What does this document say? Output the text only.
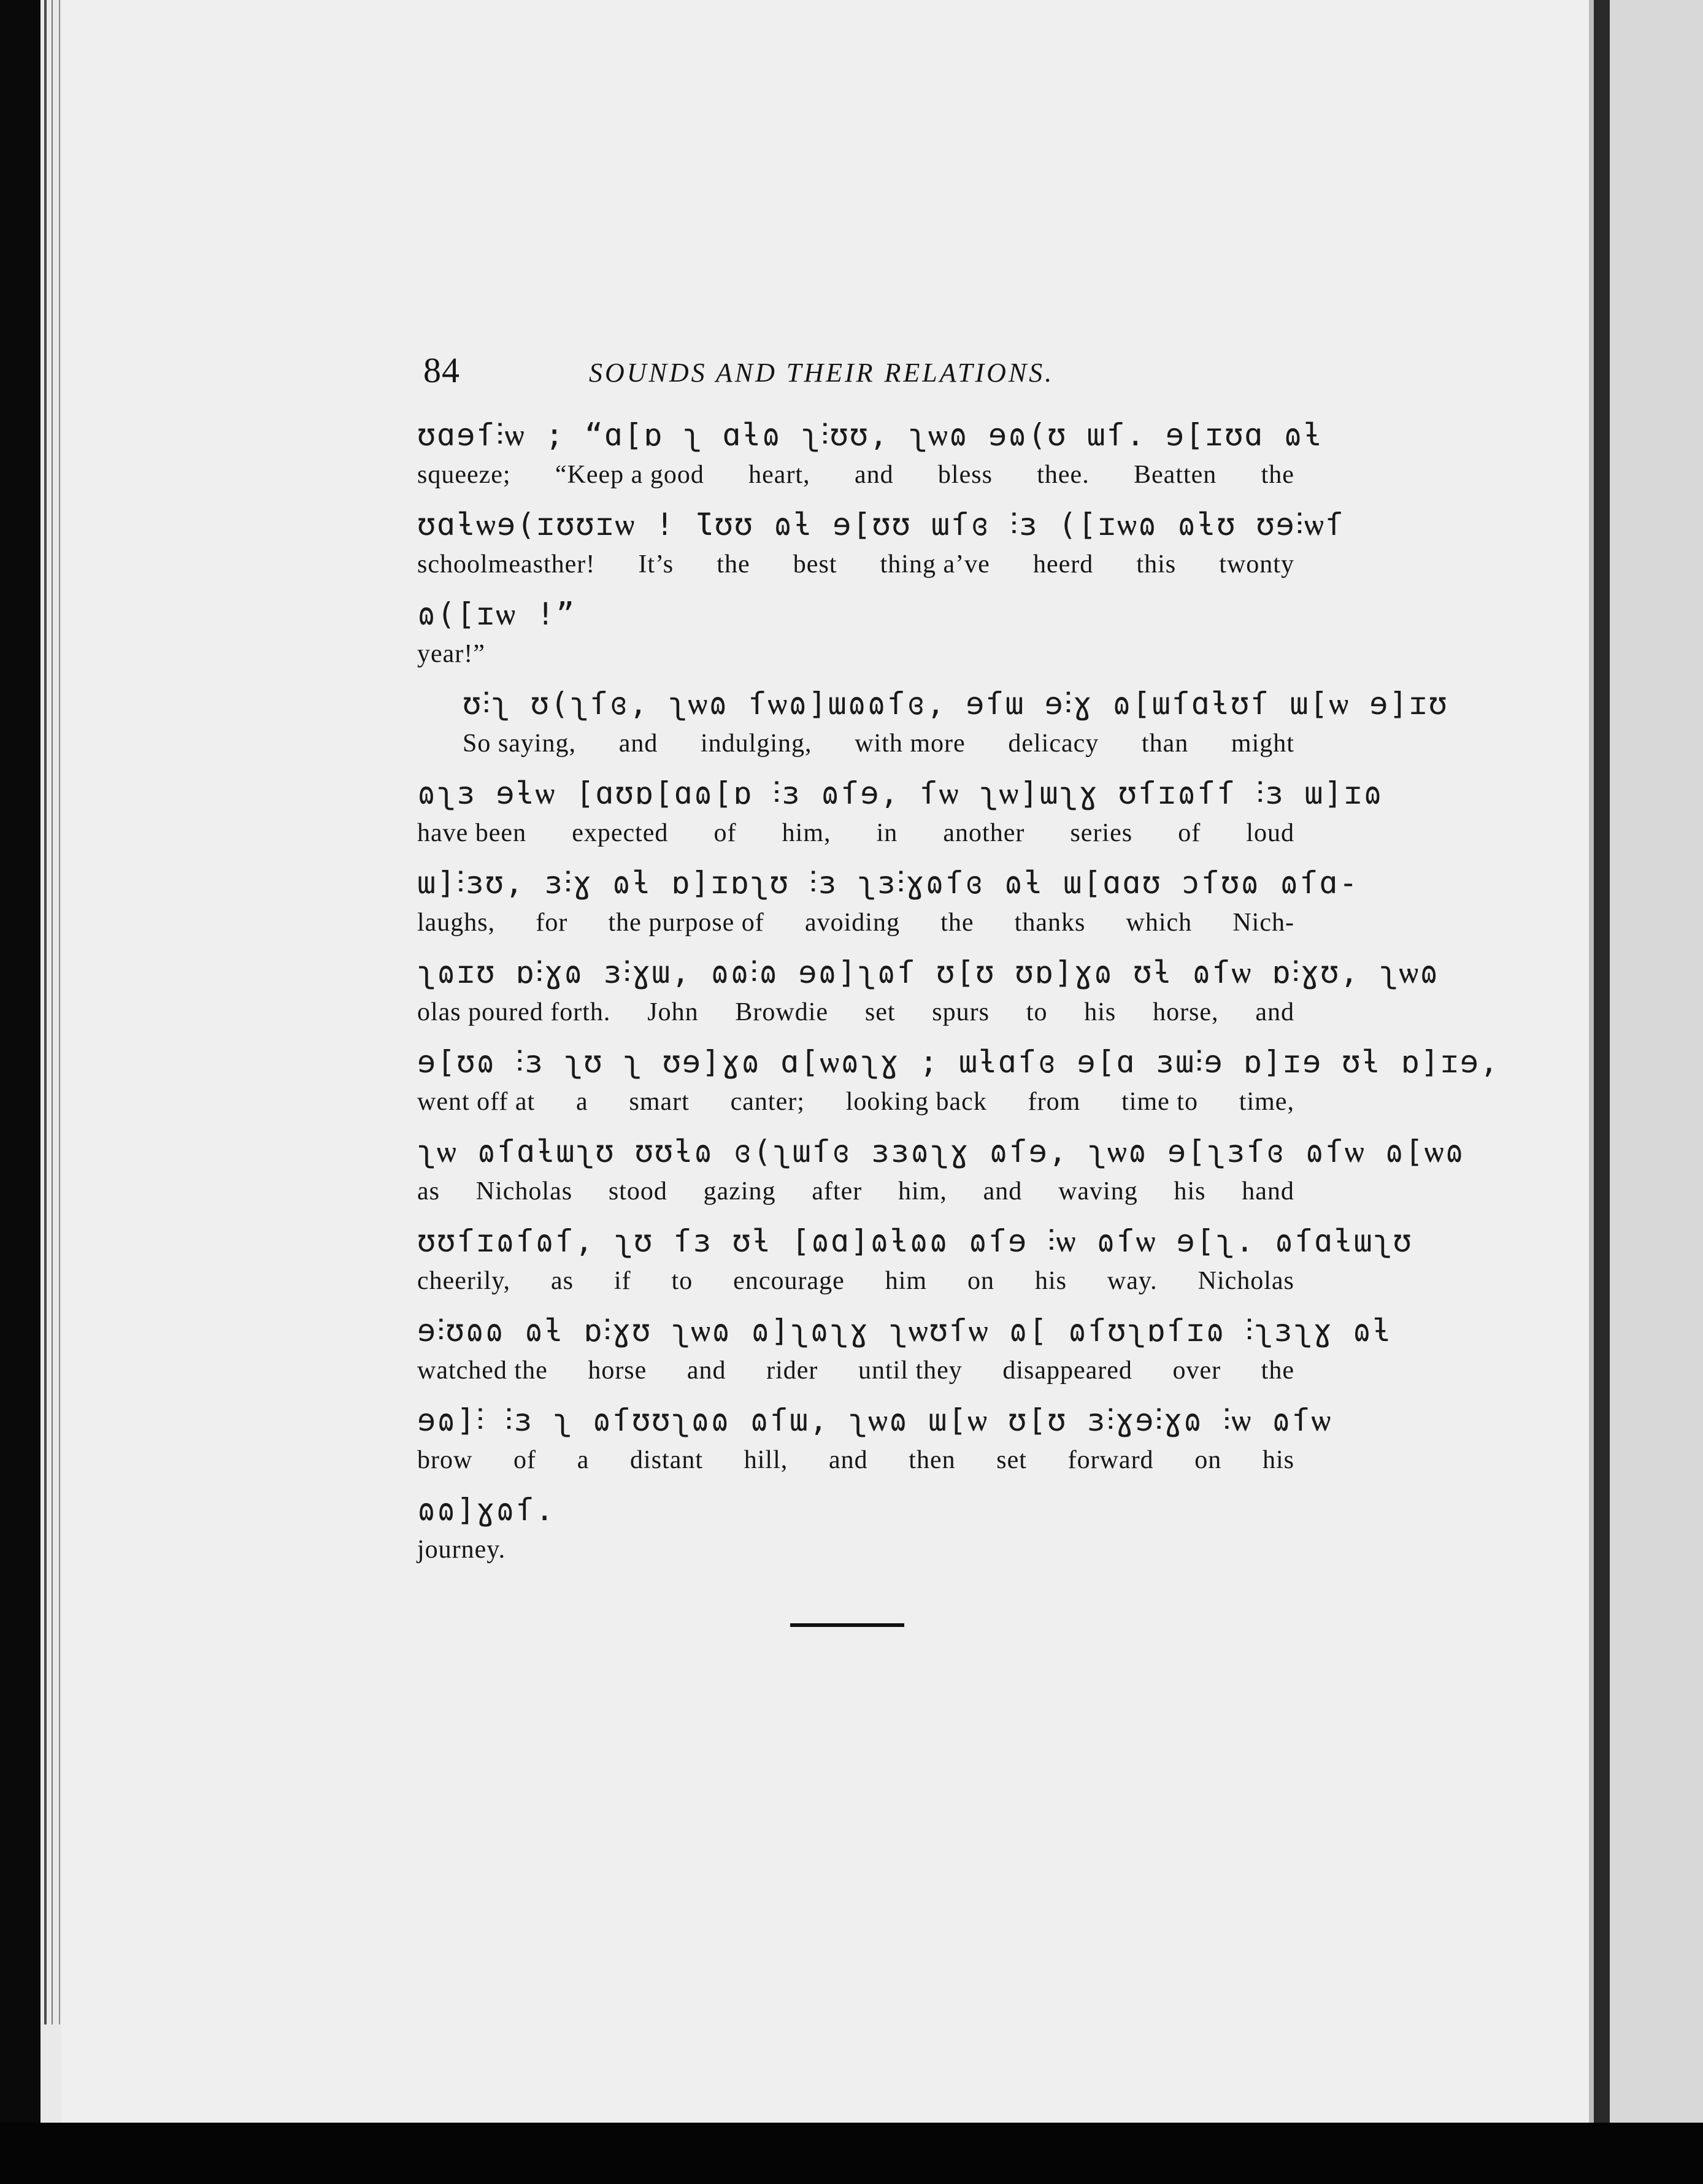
84	SOUNDS AND THEIR RELATIONS.
ʊɑɘſ⫶ѡ ; “ɑ[ɒ ʅ ɑƚɷ ʅ⫶ʊʊ, ʅѡɷ ɘɷ(ʊ ɯſ. ɘ[ɪʊɑ ɷƚ
squeeze; “Keep a good heart, and bless thee. Beatten the
ʊɑƚѡɘ(ɪʊʊɪѡ ! Ɩʊʊ ɷƚ ɘ[ʊʊ ɯſɞ ⫶ɜ ([ɪѡɷ ɷƚʊ ʊɘ⫶ѡſ
schoolmeasther! It’s the best thing a’ve heerd this twonty
ɷ([ɪѡ !”
year!”
ʊ⫶ʅ ʊ(ʅſɞ, ʅѡɷ ſѡɷ]ɯɷɷſɞ, ɘſɯ ɘ⫶ɣ ɷ[ɯſɑƚʊſ ɯ[ѡ ɘ]ɪʊ
So saying, and indulging, with more delicacy than might
ɷʅɜ ɘƚѡ [ɑʊɒ[ɑɷ[ɒ ⫶ɜ ɷſɘ, ſѡ ʅѡ]ɯʅɣ ʊſɪɷſſ ⫶ɜ ɯ]ɪɷ
have been expected of him, in another series of loud
ɯ]⫶ɜʊ, ɜ⫶ɣ ɷƚ ɒ]ɪɒʅʊ ⫶ɜ ʅɜ⫶ɣɷſɞ ɷƚ ɯ[ɑɑʊ ɔſʊɷ ɷſɑ-
laughs, for the purpose of avoiding the thanks which Nich-
ʅɷɪʊ ɒ⫶ɣɷ ɜ⫶ɣɯ, ɷɷ⫶ɷ ɘɷ]ʅɷſ ʊ[ʊ ʊɒ]ɣɷ ʊƚ ɷſѡ ɒ⫶ɣʊ, ʅѡɷ
olas poured forth. John Browdie set spurs to his horse, and
ɘ[ʊɷ ⫶ɜ ʅʊ ʅ ʊɘ]ɣɷ ɑ[ѡɷʅɣ ; ɯƚɑſɞ ɘ[ɑ ɜɯ⫶ɘ ɒ]ɪɘ ʊƚ ɒ]ɪɘ,
went off at a smart canter; looking back from time to time,
ʅѡ ɷſɑƚɯʅʊ ʊʊƚɷ ɞ(ʅɯſɞ ɜɜɷʅɣ ɷſɘ, ʅѡɷ ɘ[ʅɜſɞ ɷſѡ ɷ[ѡɷ
as Nicholas stood gazing after him, and waving his hand
ʊʊſɪɷſɷſ, ʅʊ ſɜ ʊƚ [ɷɑ]ɷƚɷɷ ɷſɘ ⫶ѡ ɷſѡ ɘ[ʅ. ɷſɑƚɯʅʊ
cheerily, as if to encourage him on his way. Nicholas
ɘ⫶ʊɷɷ ɷƚ ɒ⫶ɣʊ ʅѡɷ ɷ]ʅɷʅɣ ʅѡʊſѡ ɷ[ ɷſʊʅɒſɪɷ ⫶ʅɜʅɣ ɷƚ
watched the horse and rider until they disappeared over the
ɘɷ]⫶ ⫶ɜ ʅ ɷſʊʊʅɷɷ ɷſɯ, ʅѡɷ ɯ[ѡ ʊ[ʊ ɜ⫶ɣɘ⫶ɣɷ ⫶ѡ ɷſѡ
brow of a distant hill, and then set forward on his
ɷɷ]ɣɷſ.
journey.
